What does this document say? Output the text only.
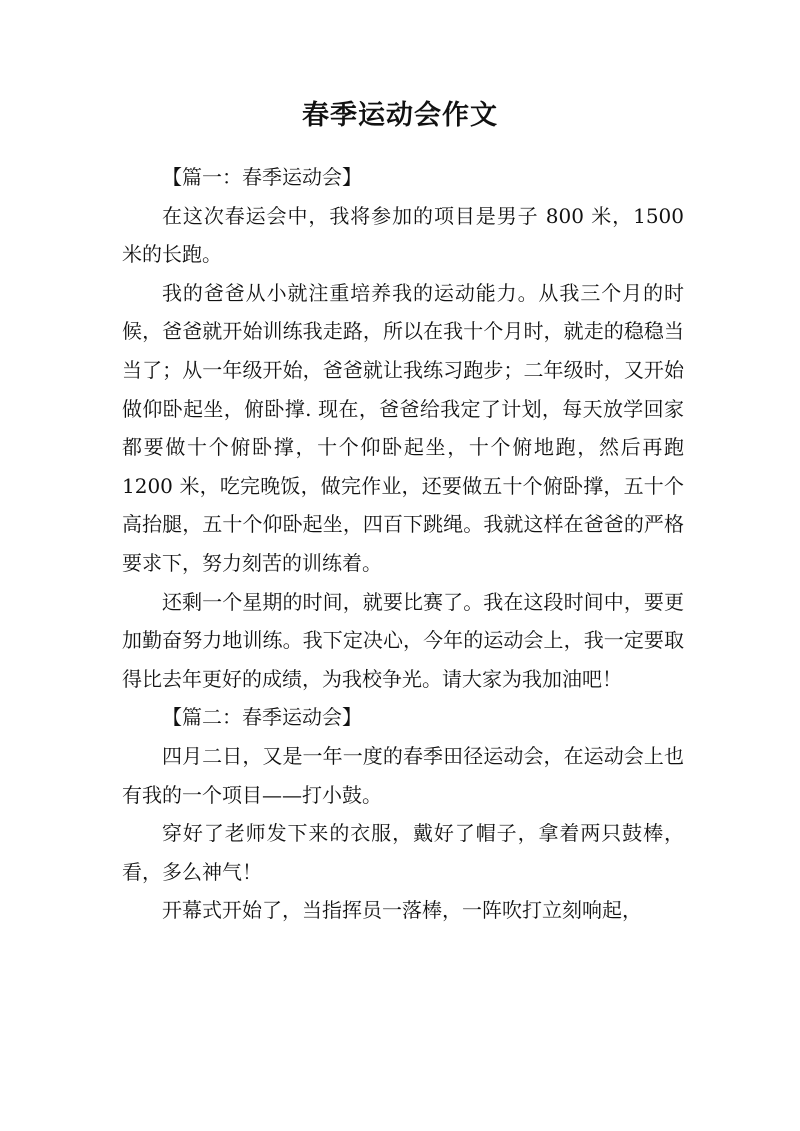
春季运动会作文

【篇一：春季运动会】

在这次春运会中，我将参加的项目是男子 800 米，1500 米的长跑。

我的爸爸从小就注重培养我的运动能力。从我三个月的时候，爸爸就开始训练我走路，所以在我十个月时，就走的稳稳当当了；从一年级开始，爸爸就让我练习跑步；二年级时，又开始做仰卧起坐，俯卧撑. 现在，爸爸给我定了计划，每天放学回家都要做十个俯卧撑，十个仰卧起坐，十个俯地跑，然后再跑 1200 米，吃完晚饭，做完作业，还要做五十个俯卧撑，五十个高抬腿，五十个仰卧起坐，四百下跳绳。我就这样在爸爸的严格要求下，努力刻苦的训练着。

还剩一个星期的时间，就要比赛了。我在这段时间中，要更加勤奋努力地训练。我下定决心，今年的运动会上，我一定要取得比去年更好的成绩，为我校争光。请大家为我加油吧！

【篇二：春季运动会】

四月二日，又是一年一度的春季田径运动会，在运动会上也有我的一个项目——打小鼓。

穿好了老师发下来的衣服，戴好了帽子，拿着两只鼓棒，看，多么神气！

开幕式开始了，当指挥员一落棒，一阵吹打立刻响起，
